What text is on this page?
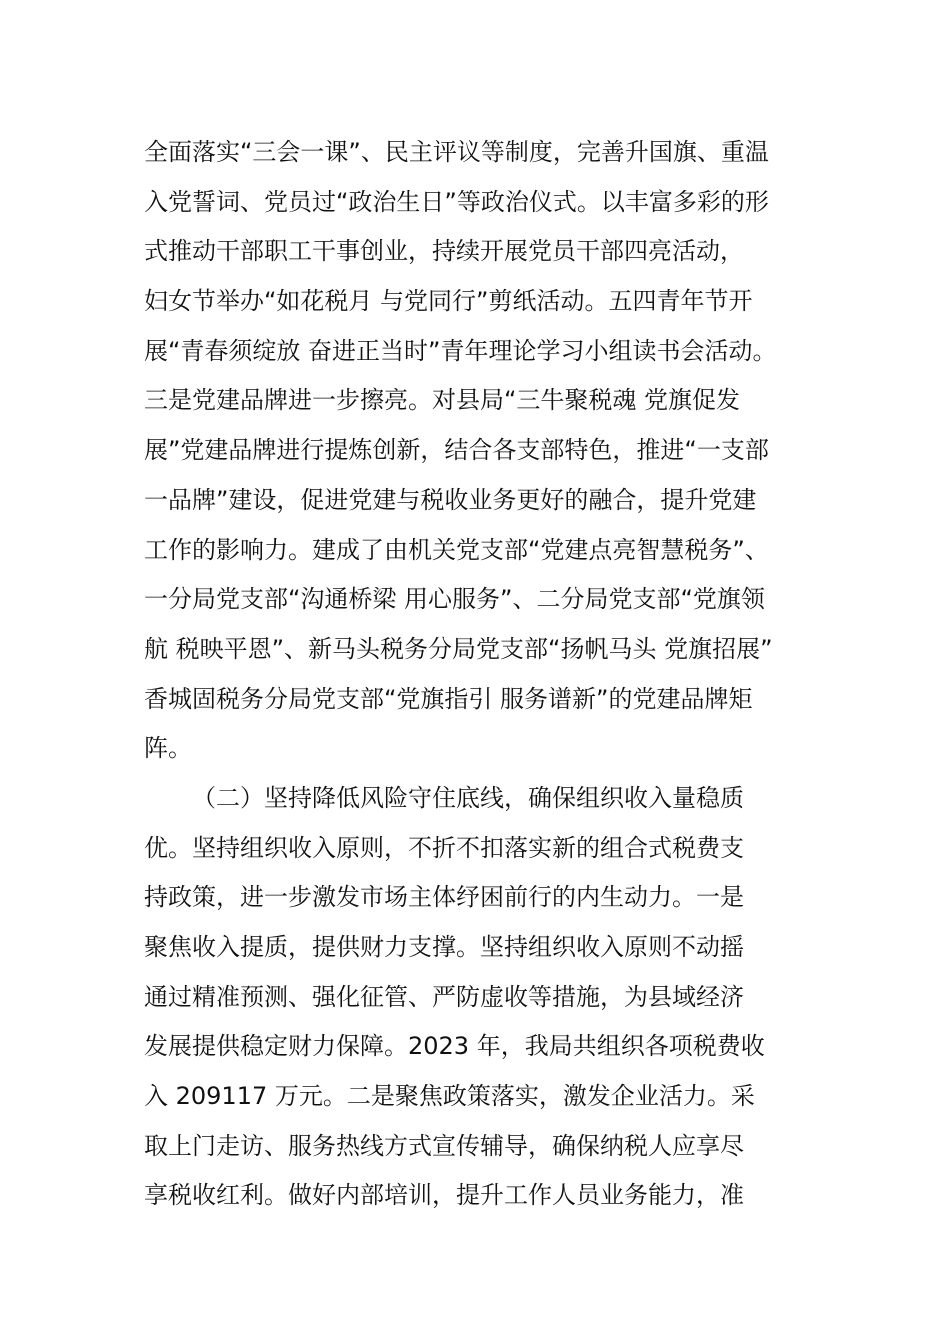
全面落实“三会一课”、民主评议等制度，完善升国旗、重温
入党誓词、党员过“政治生日”等政治仪式。以丰富多彩的形
式推动干部职工干事创业，持续开展党员干部四亮活动，
妇女节举办“如花税月 与党同行”剪纸活动。五四青年节开
展“青春须绽放 奋进正当时”青年理论学习小组读书会活动。
三是党建品牌进一步擦亮。对县局“三牛聚税魂 党旗促发
展”党建品牌进行提炼创新，结合各支部特色，推进“一支部
一品牌”建设，促进党建与税收业务更好的融合，提升党建
工作的影响力。建成了由机关党支部“党建点亮智慧税务”、
一分局党支部“沟通桥梁 用心服务”、二分局党支部“党旗领
航 税映平恩”、新马头税务分局党支部“扬帆马头 党旗招展”
香城固税务分局党支部“党旗指引 服务谱新”的党建品牌矩
阵。
（二）坚持降低风险守住底线，确保组织收入量稳质
优。坚持组织收入原则，不折不扣落实新的组合式税费支
持政策，进一步激发市场主体纾困前行的内生动力。一是
聚焦收入提质，提供财力支撑。坚持组织收入原则不动摇
通过精准预测、强化征管、严防虚收等措施，为县域经济
发展提供稳定财力保障。2023 年，我局共组织各项税费收
入 209117 万元。二是聚焦政策落实，激发企业活力。采
取上门走访、服务热线方式宣传辅导，确保纳税人应享尽
享税收红利。做好内部培训，提升工作人员业务能力，准
